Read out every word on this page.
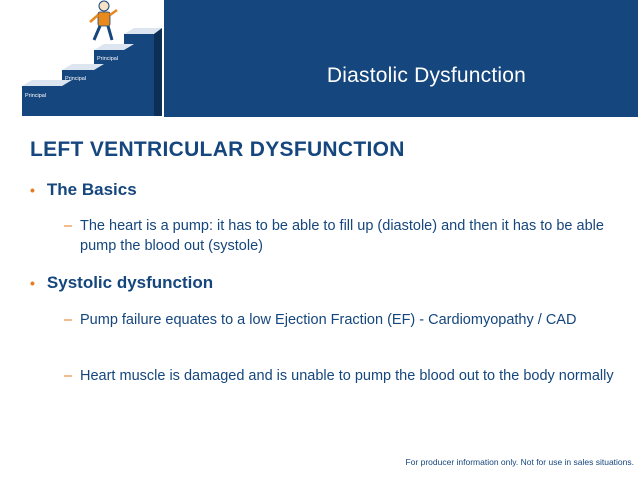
Principal
Principal
Principal
Diastolic Dysfunction
LEFT VENTRICULAR DYSFUNCTION
• The Basics
– The heart is a pump: it has to be able to fill up (diastole) and then it has to be able pump the blood out (systole)
• Systolic dysfunction
– Pump failure equates to a low Ejection Fraction (EF) - Cardiomyopathy / CAD
– Heart muscle is damaged and is unable to pump the blood out to the body normally
For producer information only. Not for use in sales situations.
